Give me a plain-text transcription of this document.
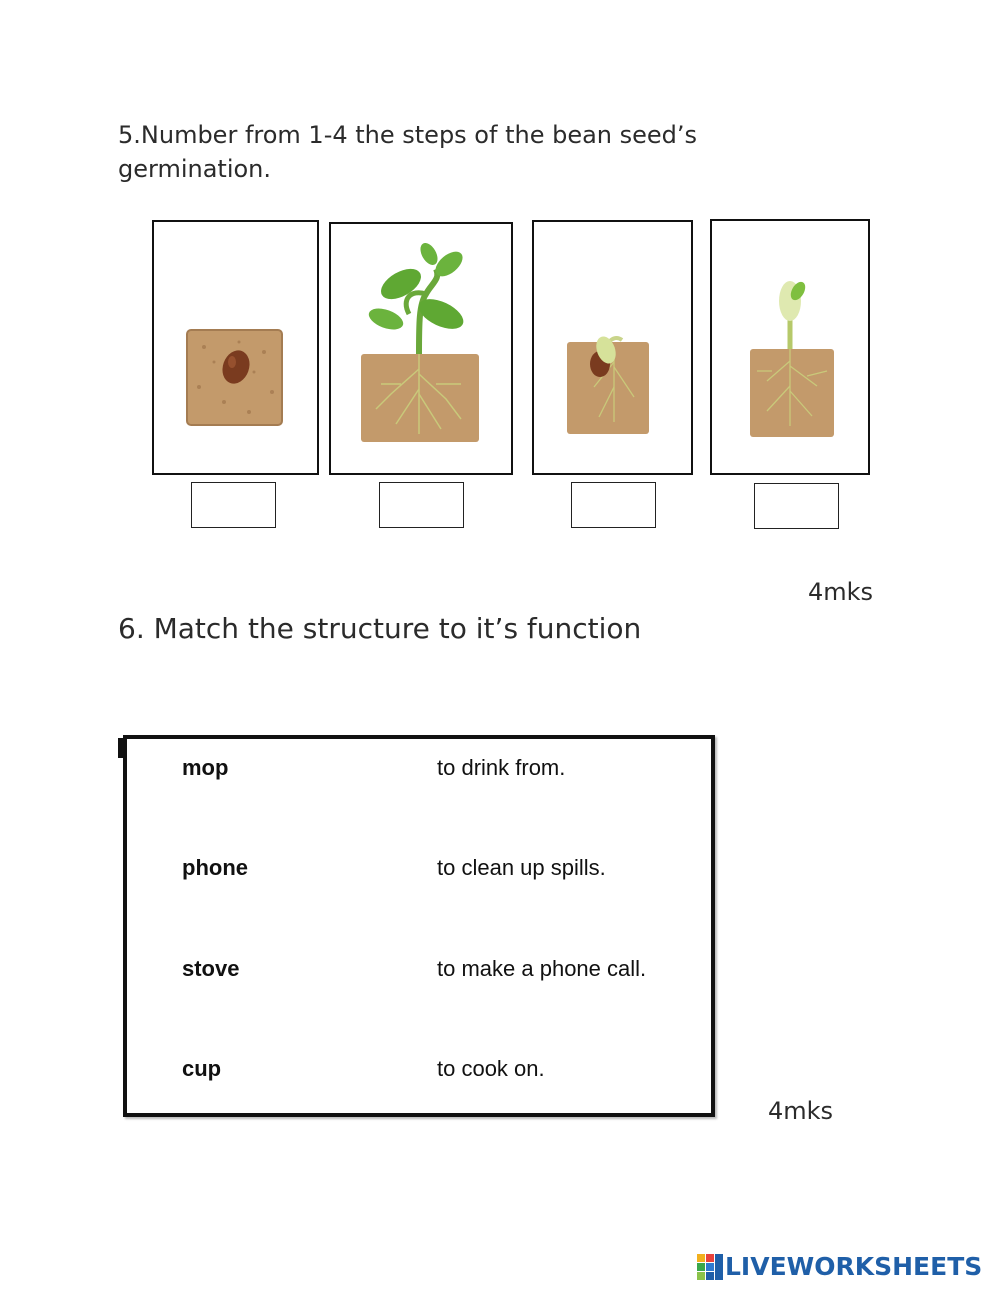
5.Number from 1-4 the steps of the bean seed’s germination.
4mks
6. Match the structure to it’s function
mop	to drink from.
phone	to clean up spills.
stove	to make a phone call.
cup	to cook on.
4mks
LIVEWORKSHEETS
